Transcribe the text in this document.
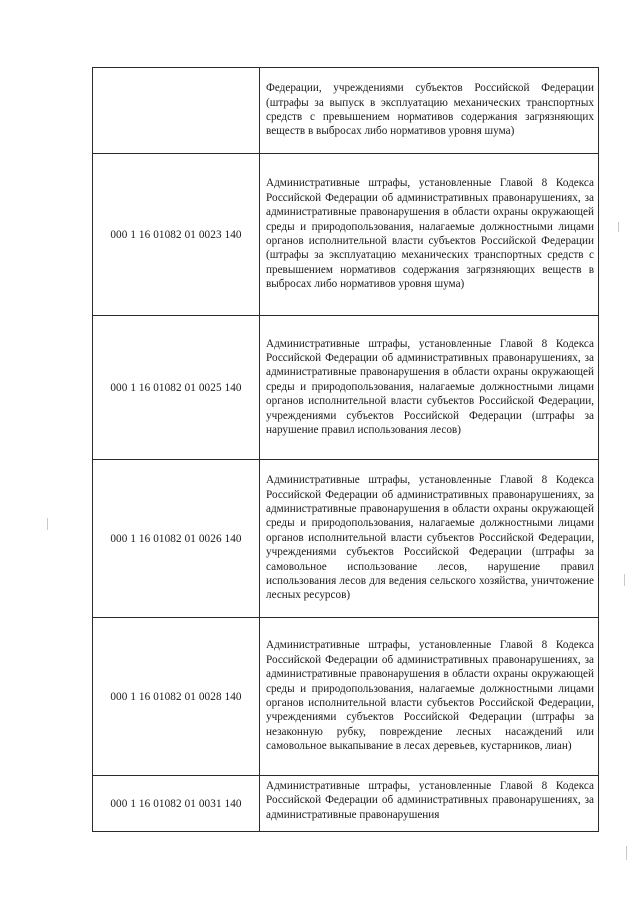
	Федерации, учреждениями субъектов Российской Федерации (штрафы за выпуск в эксплуатацию механических транспортных средств с превышением нормативов содержания загрязняющих веществ в выбросах либо нормативов уровня шума)
000 1 16 01082 01 0023 140	Административные штрафы, установленные Главой 8 Кодекса Российской Федерации об административных правонарушениях, за административные правонарушения в области охраны окружающей среды и природопользования, налагаемые должностными лицами органов исполнительной власти субъектов Российской Федерации (штрафы за эксплуатацию механических транспортных средств с превышением нормативов содержания загрязняющих веществ в выбросах либо нормативов уровня шума)
000 1 16 01082 01 0025 140	Административные штрафы, установленные Главой 8 Кодекса Российской Федерации об административных правонарушениях, за административные правонарушения в области охраны окружающей среды и природопользования, налагаемые должностными лицами органов исполнительной власти субъектов Российской Федерации, учреждениями субъектов Российской Федерации (штрафы за нарушение правил использования лесов)
000 1 16 01082 01 0026 140	Административные штрафы, установленные Главой 8 Кодекса Российской Федерации об административных правонарушениях, за административные правонарушения в области охраны окружающей среды и природопользования, налагаемые должностными лицами органов исполнительной власти субъектов Российской Федерации, учреждениями субъектов Российской Федерации (штрафы за самовольное использование лесов, нарушение правил использования лесов для ведения сельского хозяйства, уничтожение лесных ресурсов)
000 1 16 01082 01 0028 140	Административные штрафы, установленные Главой 8 Кодекса Российской Федерации об административных правонарушениях, за административные правонарушения в области охраны окружающей среды и природопользования, налагаемые должностными лицами органов исполнительной власти субъектов Российской Федерации, учреждениями субъектов Российской Федерации (штрафы за незаконную рубку, повреждение лесных насаждений или самовольное выкапывание в лесах деревьев, кустарников, лиан)
000 1 16 01082 01 0031 140	Административные штрафы, установленные Главой 8 Кодекса Российской Федерации об административных правонарушениях, за административные правонарушения
